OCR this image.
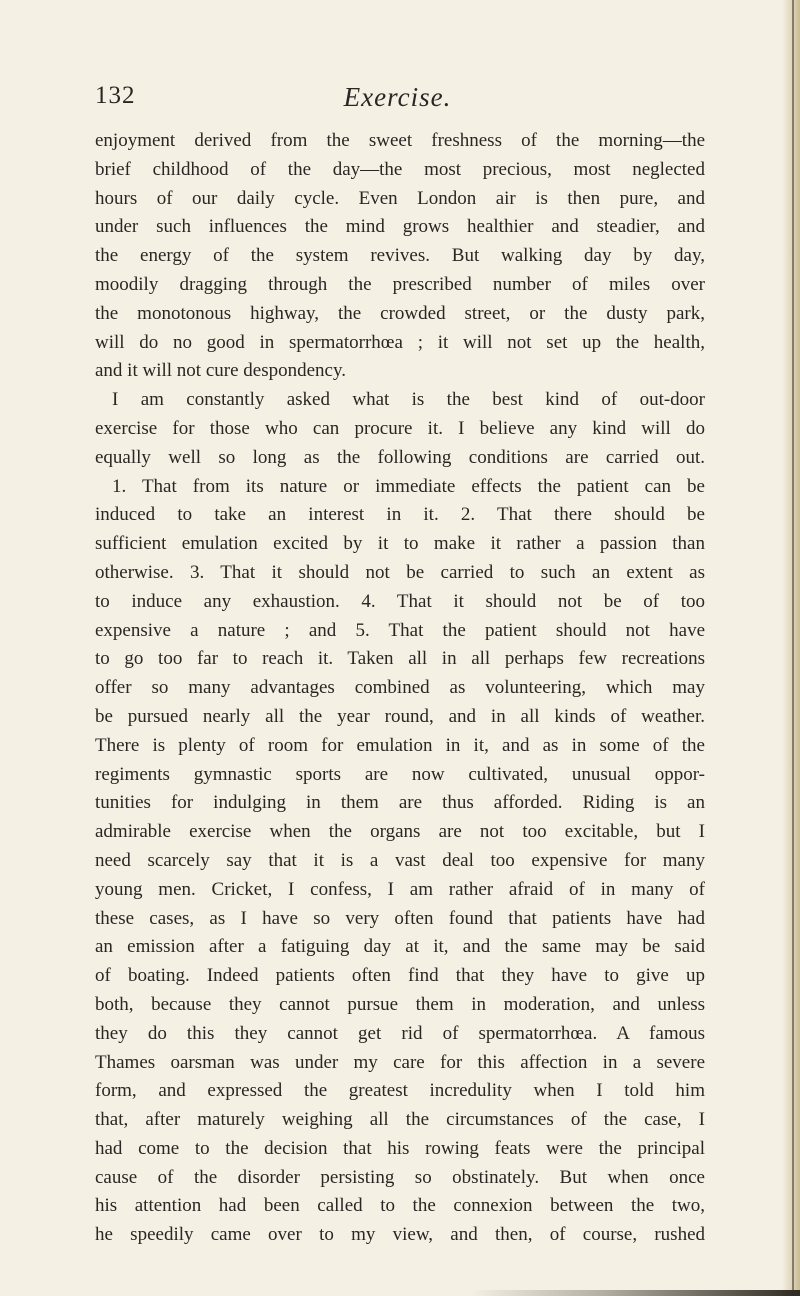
132	Exercise.
enjoyment derived from the sweet freshness of the morning—the
brief childhood of the day—the most precious, most neglected
hours of our daily cycle. Even London air is then pure, and
under such influences the mind grows healthier and steadier, and
the energy of the system revives. But walking day by day,
moodily dragging through the prescribed number of miles over
the monotonous highway, the crowded street, or the dusty park,
will do no good in spermatorrhœa ; it will not set up the health,
and it will not cure despondency.
I am constantly asked what is the best kind of out-door
exercise for those who can procure it. I believe any kind will do
equally well so long as the following conditions are carried out.
1. That from its nature or immediate effects the patient can be
induced to take an interest in it. 2. That there should be
sufficient emulation excited by it to make it rather a passion than
otherwise. 3. That it should not be carried to such an extent as
to induce any exhaustion. 4. That it should not be of too
expensive a nature ; and 5. That the patient should not have
to go too far to reach it. Taken all in all perhaps few recreations
offer so many advantages combined as volunteering, which may
be pursued nearly all the year round, and in all kinds of weather.
There is plenty of room for emulation in it, and as in some of the
regiments gymnastic sports are now cultivated, unusual oppor-
tunities for indulging in them are thus afforded. Riding is an
admirable exercise when the organs are not too excitable, but I
need scarcely say that it is a vast deal too expensive for many
young men. Cricket, I confess, I am rather afraid of in many of
these cases, as I have so very often found that patients have had
an emission after a fatiguing day at it, and the same may be said
of boating. Indeed patients often find that they have to give up
both, because they cannot pursue them in moderation, and unless
they do this they cannot get rid of spermatorrhœa. A famous
Thames oarsman was under my care for this affection in a severe
form, and expressed the greatest incredulity when I told him
that, after maturely weighing all the circumstances of the case, I
had come to the decision that his rowing feats were the principal
cause of the disorder persisting so obstinately. But when once
his attention had been called to the connexion between the two,
he speedily came over to my view, and then, of course, rushed
